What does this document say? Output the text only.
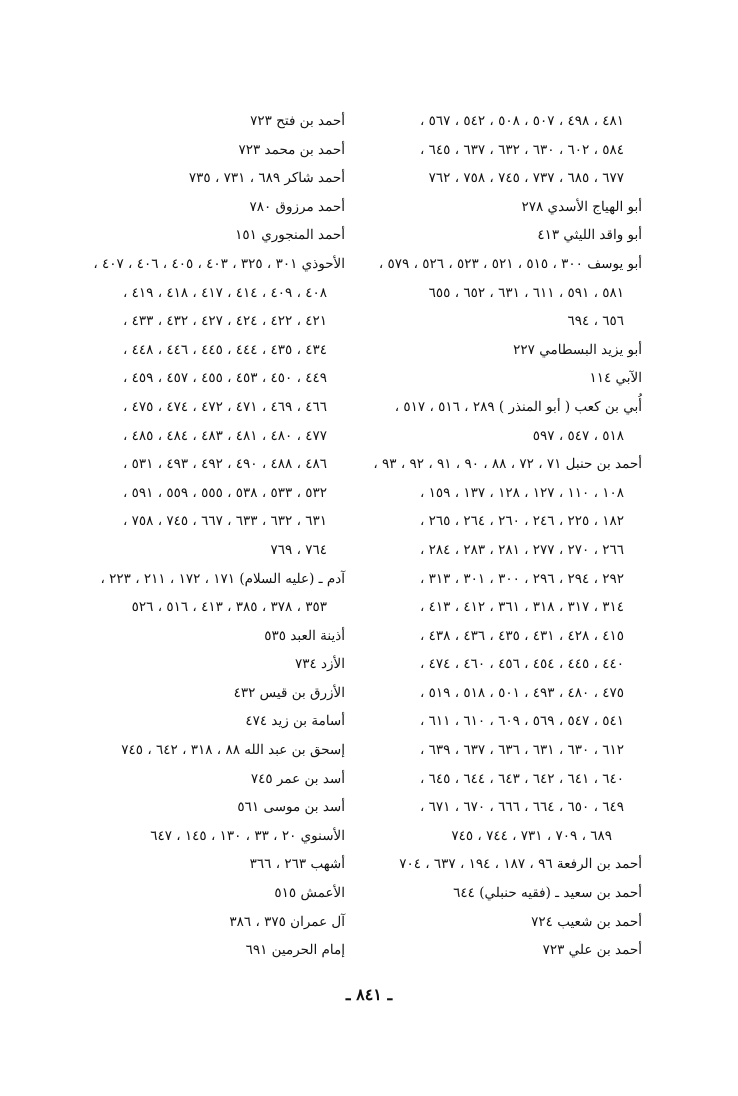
٤٨١ ، ٤٩٨ ، ٥٠٧ ، ٥٠٨ ، ٥٤٢ ، ٥٦٧ ،
٥٨٤ ، ٦٠٢ ، ٦٣٠ ، ٦٣٢ ، ٦٣٧ ، ٦٤٥ ،
٦٧٧ ، ٦٨٥ ، ٧٣٧ ، ٧٤٥ ، ٧٥٨ ، ٧٦٢
أبو الهياج الأسدي ٢٧٨
أبو واقد الليثي ٤١٣
أبو يوسف ٣٠٠ ، ٥١٥ ، ٥٢١ ، ٥٢٣ ، ٥٢٦ ، ٥٧٩ ،
٥٨١ ، ٥٩١ ، ٦١١ ، ٦٣١ ، ٦٥٢ ، ٦٥٥
٦٥٦ ، ٦٩٤
أبو يزيد البسطامي ٢٢٧
الآبي ١١٤
أُبي بن كعب ( أبو المنذر ) ٢٨٩ ، ٥١٦ ، ٥١٧ ،
٥١٨ ، ٥٤٧ ، ٥٩٧
أحمد بن حنبل ٧١ ، ٧٢ ، ٨٨ ، ٩٠ ، ٩١ ، ٩٢ ، ٩٣ ،
١٠٨ ، ١١٠ ، ١٢٧ ، ١٢٨ ، ١٣٧ ، ١٥٩ ،
١٨٢ ، ٢٢٥ ، ٢٤٦ ، ٢٦٠ ، ٢٦٤ ، ٢٦٥ ،
٢٦٦ ، ٢٧٠ ، ٢٧٧ ، ٢٨١ ، ٢٨٣ ، ٢٨٤ ،
٢٩٢ ، ٢٩٤ ، ٢٩٦ ، ٣٠٠ ، ٣٠١ ، ٣١٣ ،
٣١٤ ، ٣١٧ ، ٣١٨ ، ٣٦١ ، ٤١٢ ، ٤١٣ ،
٤١٥ ، ٤٢٨ ، ٤٣١ ، ٤٣٥ ، ٤٣٦ ، ٤٣٨ ،
٤٤٠ ، ٤٤٥ ، ٤٥٤ ، ٤٥٦ ، ٤٦٠ ، ٤٧٤ ،
٤٧٥ ، ٤٨٠ ، ٤٩٣ ، ٥٠١ ، ٥١٨ ، ٥١٩ ،
٥٤١ ، ٥٤٧ ، ٥٦٩ ، ٦٠٩ ، ٦١٠ ، ٦١١ ،
٦١٢ ، ٦٣٠ ، ٦٣١ ، ٦٣٦ ، ٦٣٧ ، ٦٣٩ ،
٦٤٠ ، ٦٤١ ، ٦٤٢ ، ٦٤٣ ، ٦٤٤ ، ٦٤٥ ،
٦٤٩ ، ٦٥٠ ، ٦٦٤ ، ٦٦٦ ، ٦٧٠ ، ٦٧١ ،
٦٨٩ ، ٧٠٩ ، ٧٣١ ، ٧٤٤ ، ٧٤٥
أحمد بن الرفعة ٩٦ ، ١٨٧ ، ١٩٤ ، ٦٣٧ ، ٧٠٤
أحمد بن سعيد ـ (فقيه حنبلي) ٦٤٤
أحمد بن شعيب ٧٢٤
أحمد بن علي ٧٢٣
أحمد بن فتح ٧٢٣
أحمد بن محمد ٧٢٣
أحمد شاكر ٦٨٩ ، ٧٣١ ، ٧٣٥
أحمد مرزوق ٧٨٠
أحمد المنجوري ١٥١
الأحوذي ٣٠١ ، ٣٢٥ ، ٤٠٣ ، ٤٠٥ ، ٤٠٦ ، ٤٠٧ ،
٤٠٨ ، ٤٠٩ ، ٤١٤ ، ٤١٧ ، ٤١٨ ، ٤١٩ ،
٤٢١ ، ٤٢٢ ، ٤٢٤ ، ٤٢٧ ، ٤٣٢ ، ٤٣٣ ،
٤٣٤ ، ٤٣٥ ، ٤٤٤ ، ٤٤٥ ، ٤٤٦ ، ٤٤٨ ،
٤٤٩ ، ٤٥٠ ، ٤٥٣ ، ٤٥٥ ، ٤٥٧ ، ٤٥٩ ،
٤٦٦ ، ٤٦٩ ، ٤٧١ ، ٤٧٢ ، ٤٧٤ ، ٤٧٥ ،
٤٧٧ ، ٤٨٠ ، ٤٨١ ، ٤٨٣ ، ٤٨٤ ، ٤٨٥ ،
٤٨٦ ، ٤٨٨ ، ٤٩٠ ، ٤٩٢ ، ٤٩٣ ، ٥٣١ ،
٥٣٢ ، ٥٣٣ ، ٥٣٨ ، ٥٥٥ ، ٥٥٩ ، ٥٩١ ،
٦٣١ ، ٦٣٢ ، ٦٣٣ ، ٦٦٧ ، ٧٤٥ ، ٧٥٨ ،
٧٦٤ ، ٧٦٩
آدم ـ (عليه السلام) ١٧١ ، ١٧٢ ، ٢١١ ، ٢٢٣ ،
٣٥٣ ، ٣٧٨ ، ٣٨٥ ، ٤١٣ ، ٥١٦ ، ٥٢٦
أذينة العبد ٥٣٥
الأزد ٧٣٤
الأزرق بن قيس ٤٣٢
أسامة بن زيد ٤٧٤
إسحق بن عبد الله ٨٨ ، ٣١٨ ، ٦٤٢ ، ٧٤٥
أسد بن عمر ٧٤٥
أسد بن موسى ٥٦١
الأسنوي ٢٠ ، ٣٣ ، ١٣٠ ، ١٤٥ ، ٦٤٧
أشهب ٢٦٣ ، ٣٦٦
الأعمش ٥١٥
آل عمران ٣٧٥ ، ٣٨٦
إمام الحرمين ٦٩١
ـ ٨٤١ ـ
